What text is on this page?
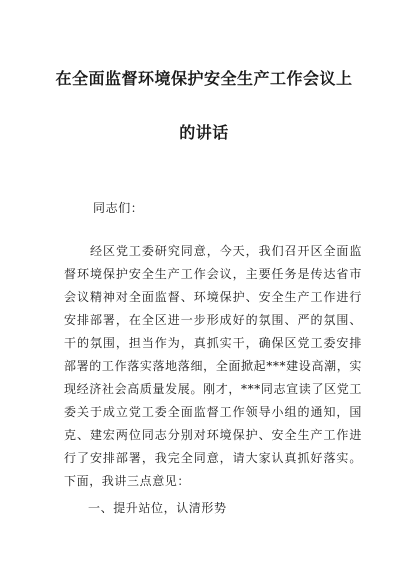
在全面监督环境保护安全生产工作会议上
的讲话

同志们：

经区党工委研究同意，今天，我们召开区全面监督环境保护安全生产工作会议，主要任务是传达省市会议精神对全面监督、环境保护、安全生产工作进行安排部署，在全区进一步形成好的氛围、严的氛围、干的氛围，担当作为，真抓实干，确保区党工委安排部署的工作落实落地落细，全面掀起***建设高潮，实现经济社会高质量发展。刚才，***同志宣读了区党工委关于成立党工委全面监督工作领导小组的通知，国克、建宏两位同志分别对环境保护、安全生产工作进行了安排部署，我完全同意，请大家认真抓好落实。下面，我讲三点意见：

一、提升站位，认清形势
